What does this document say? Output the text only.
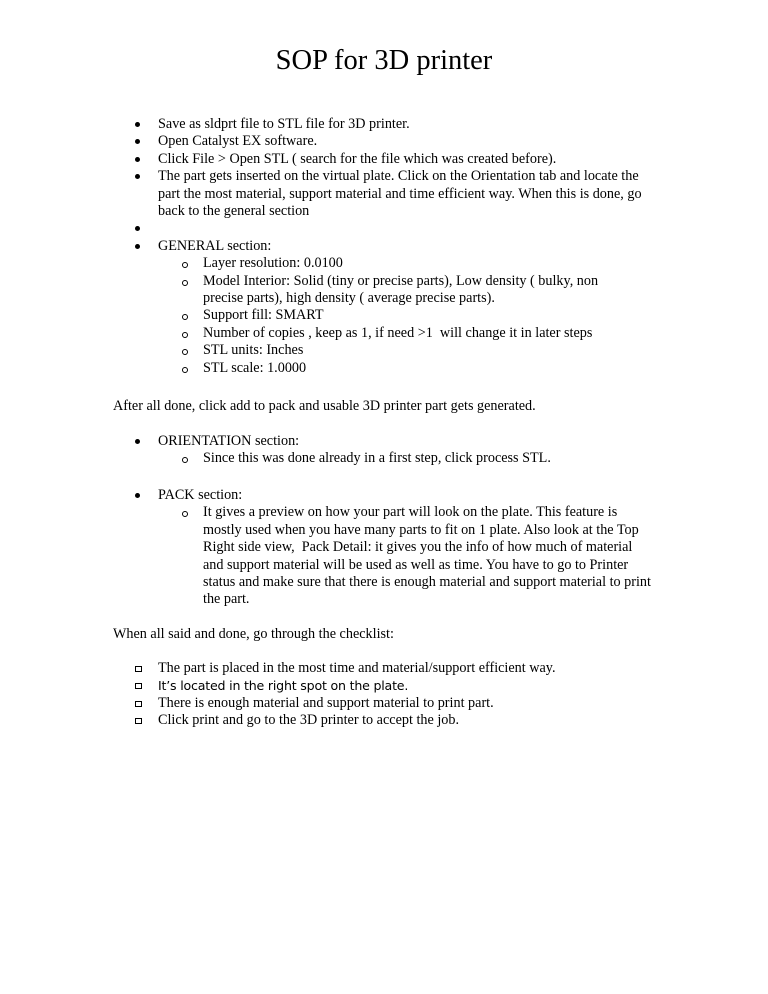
SOP for 3D printer
Save as sldprt file to STL file for 3D printer.
Open Catalyst EX software.
Click File > Open STL ( search for the file which was created before).
The part gets inserted on the virtual plate. Click on the Orientation tab and locate the part the most material, support material and time efficient way. When this is done, go back to the general section
GENERAL section:
Layer resolution: 0.0100
Model Interior: Solid (tiny or precise parts), Low density ( bulky, non precise parts), high density ( average precise parts).
Support fill: SMART
Number of copies , keep as 1, if need >1  will change it in later steps
STL units: Inches
STL scale: 1.0000
After all done, click add to pack and usable 3D printer part gets generated.
ORIENTATION section:
Since this was done already in a first step, click process STL.
PACK section:
It gives a preview on how your part will look on the plate. This feature is mostly used when you have many parts to fit on 1 plate. Also look at the Top Right side view,  Pack Detail: it gives you the info of how much of material and support material will be used as well as time. You have to go to Printer status and make sure that there is enough material and support material to print the part.
When all said and done, go through the checklist:
The part is placed in the most time and material/support efficient way.
It’s located in the right spot on the plate.
There is enough material and support material to print part.
Click print and go to the 3D printer to accept the job.
